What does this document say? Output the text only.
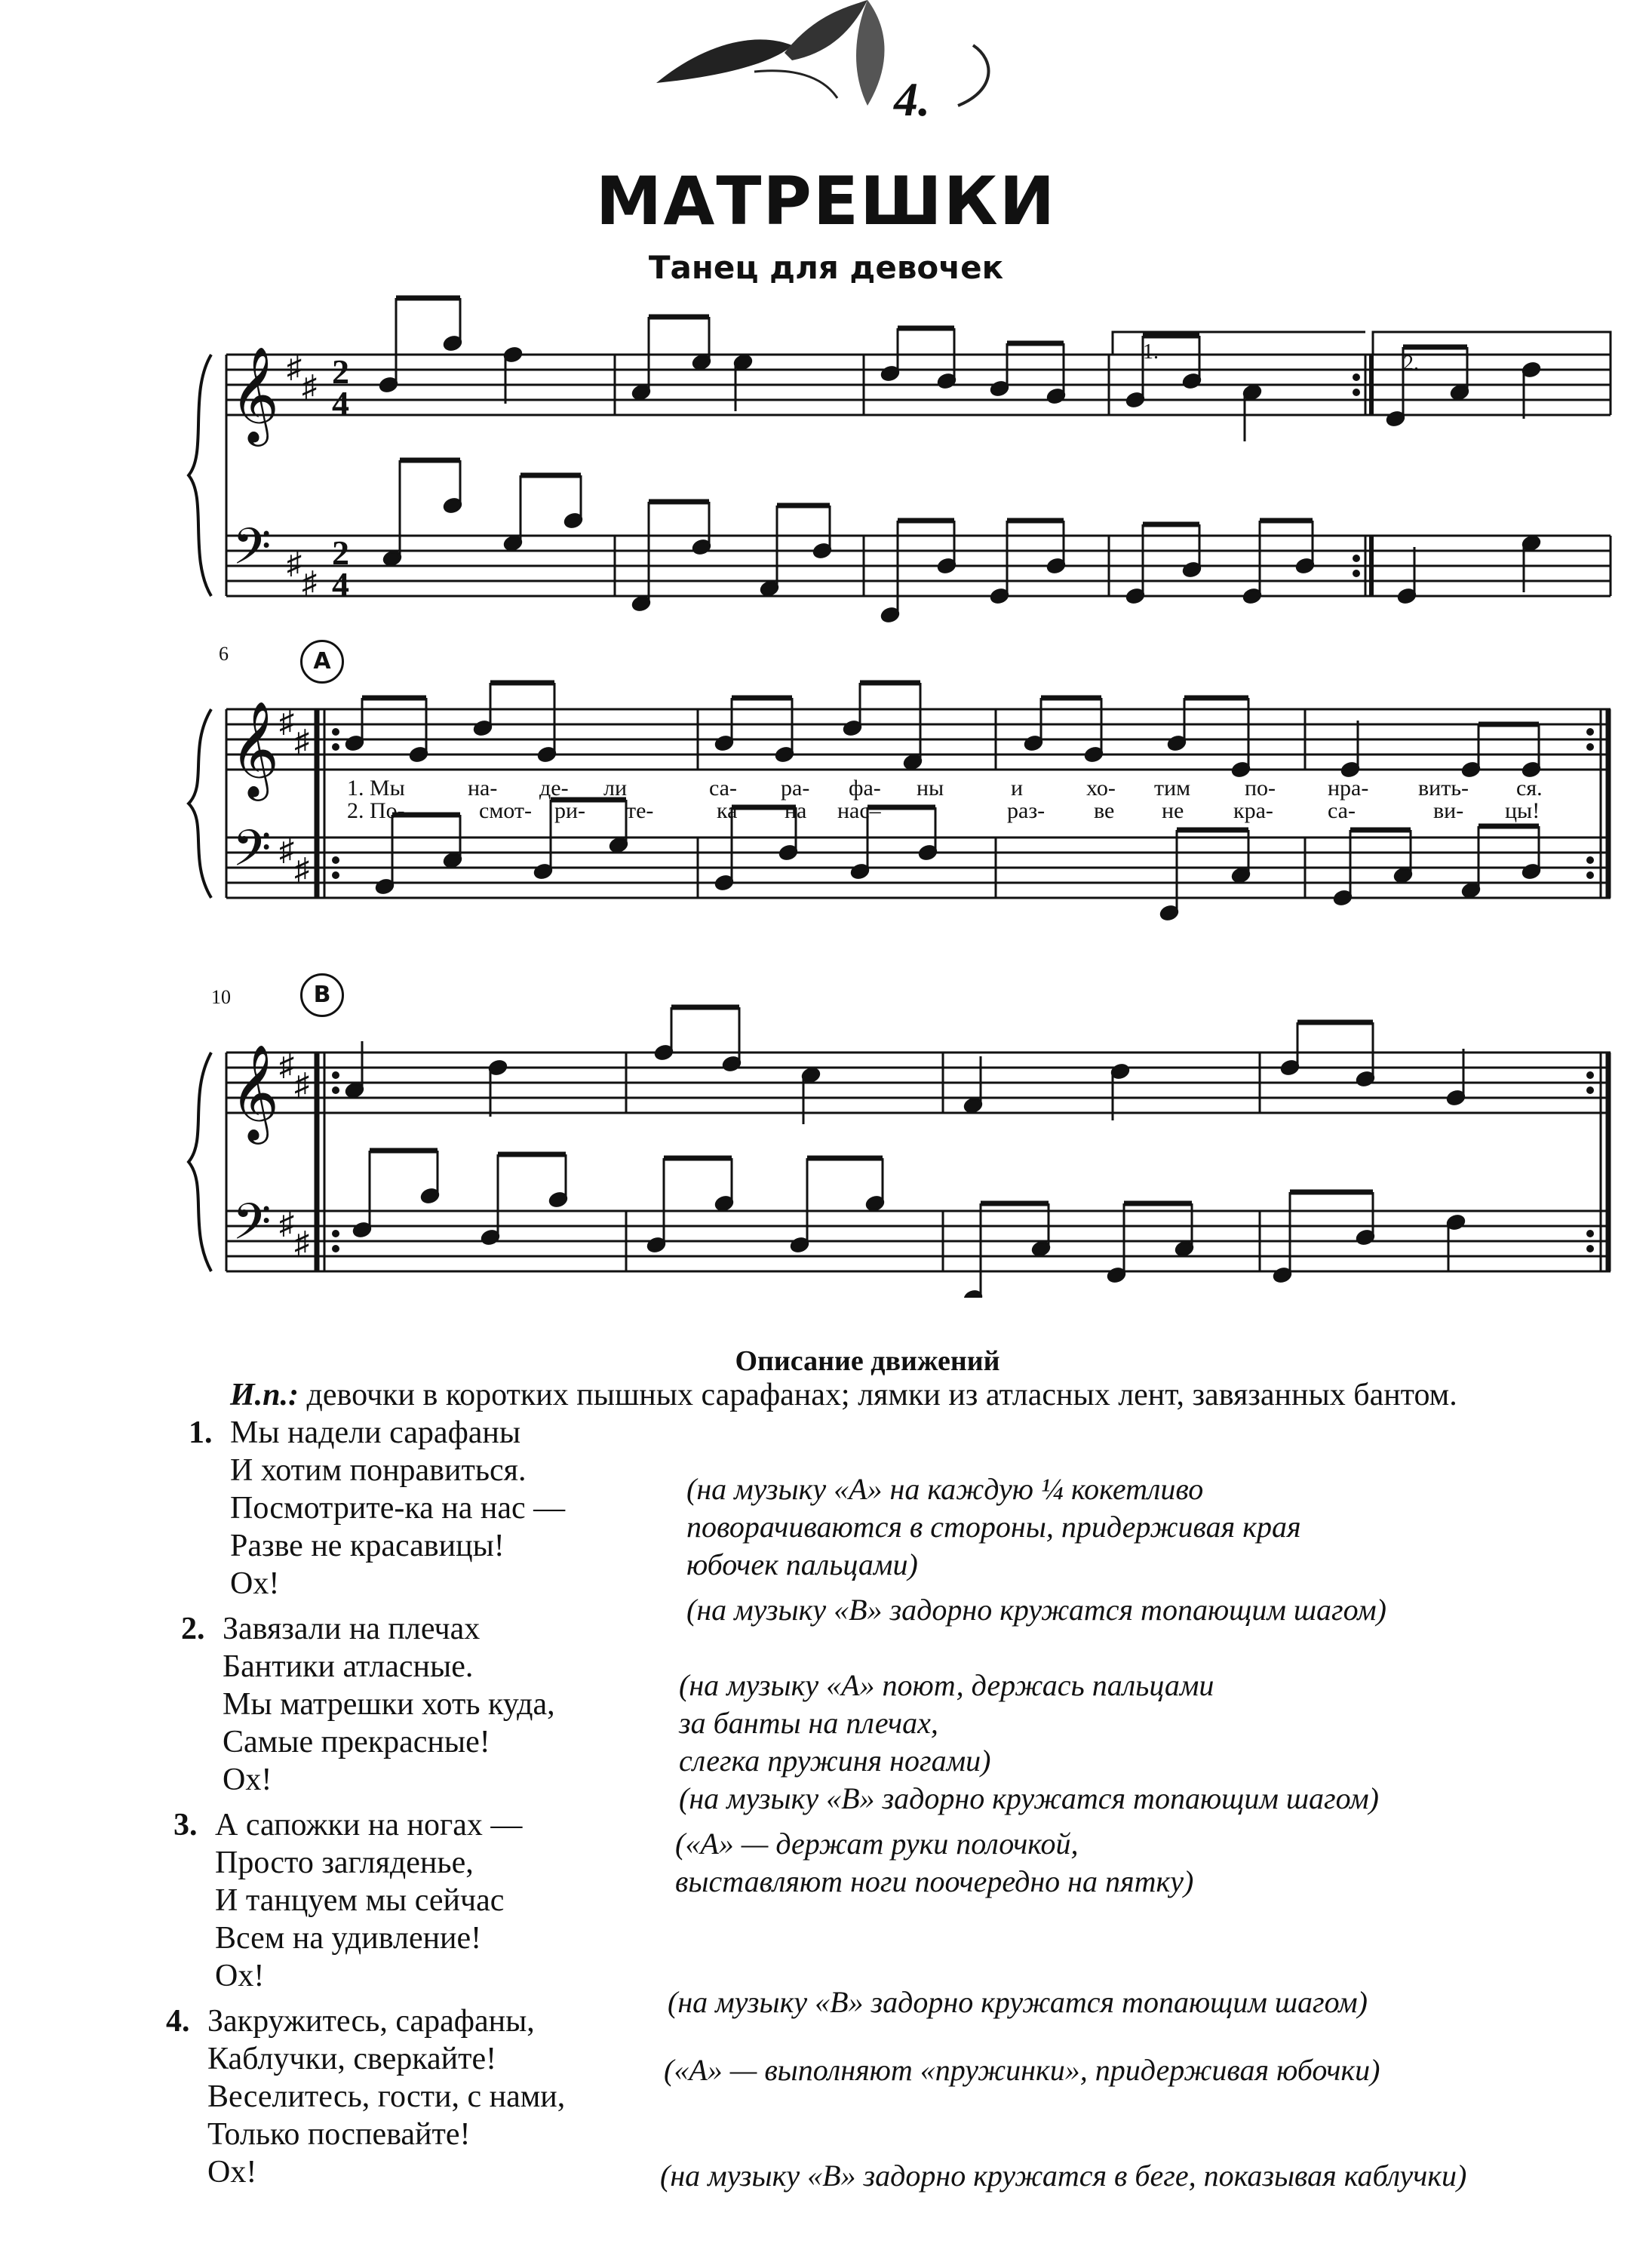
4.
МАТРЕШКИ
Танец для девочек
𝄞
𝄢
𝄞
𝄢
𝄞
𝄢
♯
♯
♯
♯
♯
♯
♯
♯
♯
♯
♯
♯
2
4
2
4
6
10
1.	2.
A
B
1. Мы	на- де- ли	са- ра- фа- ны	и	хо- тим по- нра- вить- ся.
2. По-	смот- ри- те-	ка на нас–	раз- ве не кра- са-	ви- цы!
Описание движений
И.п.: девочки в коротких пышных сарафанах; лямки из атласных лент, завязанных бантом.
1. Мы надели сарафаны
И хотим понравиться.
Посмотрите-ка на нас —
Разве не красавицы!
Ох!
2. Завязали на плечах
Бантики атласные.
Мы матрешки хоть куда,
Самые прекрасные!
Ох!
3. А сапожки на ногах —
Просто загляденье,
И танцуем мы сейчас
Всем на удивление!
Ох!
4. Закружитесь, сарафаны,
Каблучки, сверкайте!
Веселитесь, гости, с нами,
Только поспевайте!
Ох!
(на музыку «А» на каждую ¼ кокетливо
поворачиваются в стороны, придерживая края
юбочек пальцами)
(на музыку «В» задорно кружатся топающим шагом)
(на музыку «А» поют, держась пальцами
за банты на плечах,
слегка пружиня ногами)
(на музыку «В» задорно кружатся топающим шагом)
(«А» — держат руки полочкой,
выставляют ноги поочередно на пятку)
(на музыку «В» задорно кружатся топающим шагом)
(«А» — выполняют «пружинки», придерживая юбочки)
(на музыку «В» задорно кружатся в беге, показывая каблучки)
